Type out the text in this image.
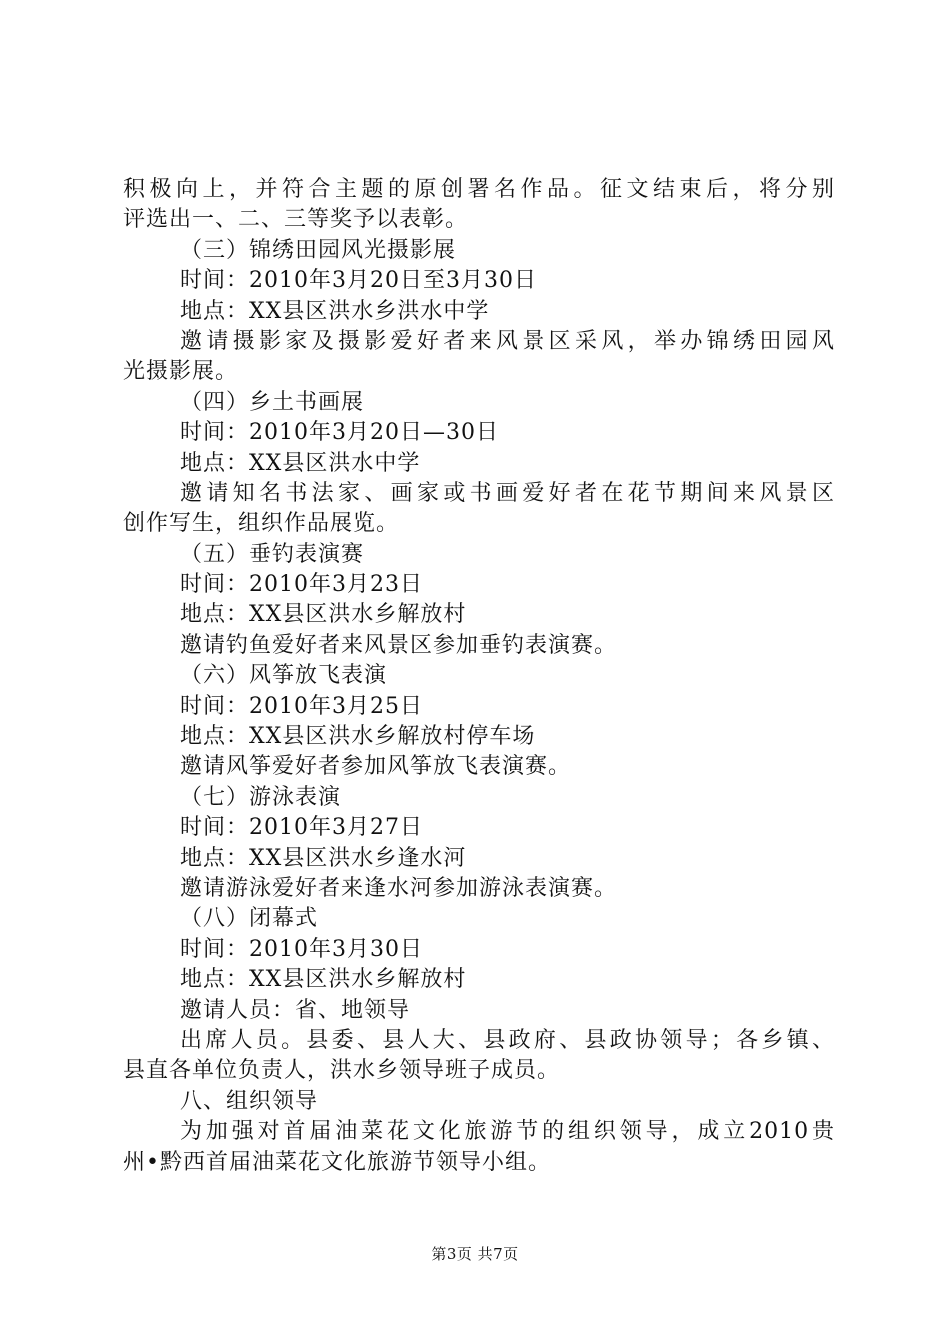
积极向上，并符合主题的原创署名作品。征文结束后，将分别
评选出一、二、三等奖予以表彰。
（三）锦绣田园风光摄影展
时间：2010年3月20日至3月30日
地点：XX县区洪水乡洪水中学
邀请摄影家及摄影爱好者来风景区采风，举办锦绣田园风
光摄影展。
（四）乡土书画展
时间：2010年3月20日—30日
地点：XX县区洪水中学
邀请知名书法家、画家或书画爱好者在花节期间来风景区
创作写生，组织作品展览。
（五）垂钓表演赛
时间：2010年3月23日
地点：XX县区洪水乡解放村
邀请钓鱼爱好者来风景区参加垂钓表演赛。
（六）风筝放飞表演
时间：2010年3月25日
地点：XX县区洪水乡解放村停车场
邀请风筝爱好者参加风筝放飞表演赛。
（七）游泳表演
时间：2010年3月27日
地点：XX县区洪水乡逢水河
邀请游泳爱好者来逢水河参加游泳表演赛。
（八）闭幕式
时间：2010年3月30日
地点：XX县区洪水乡解放村
邀请人员：省、地领导
出席人员。县委、县人大、县政府、县政协领导；各乡镇、
县直各单位负责人，洪水乡领导班子成员。
八、组织领导
为加强对首届油菜花文化旅游节的组织领导，成立2010贵
州•黔西首届油菜花文化旅游节领导小组。
第3页 共7页
